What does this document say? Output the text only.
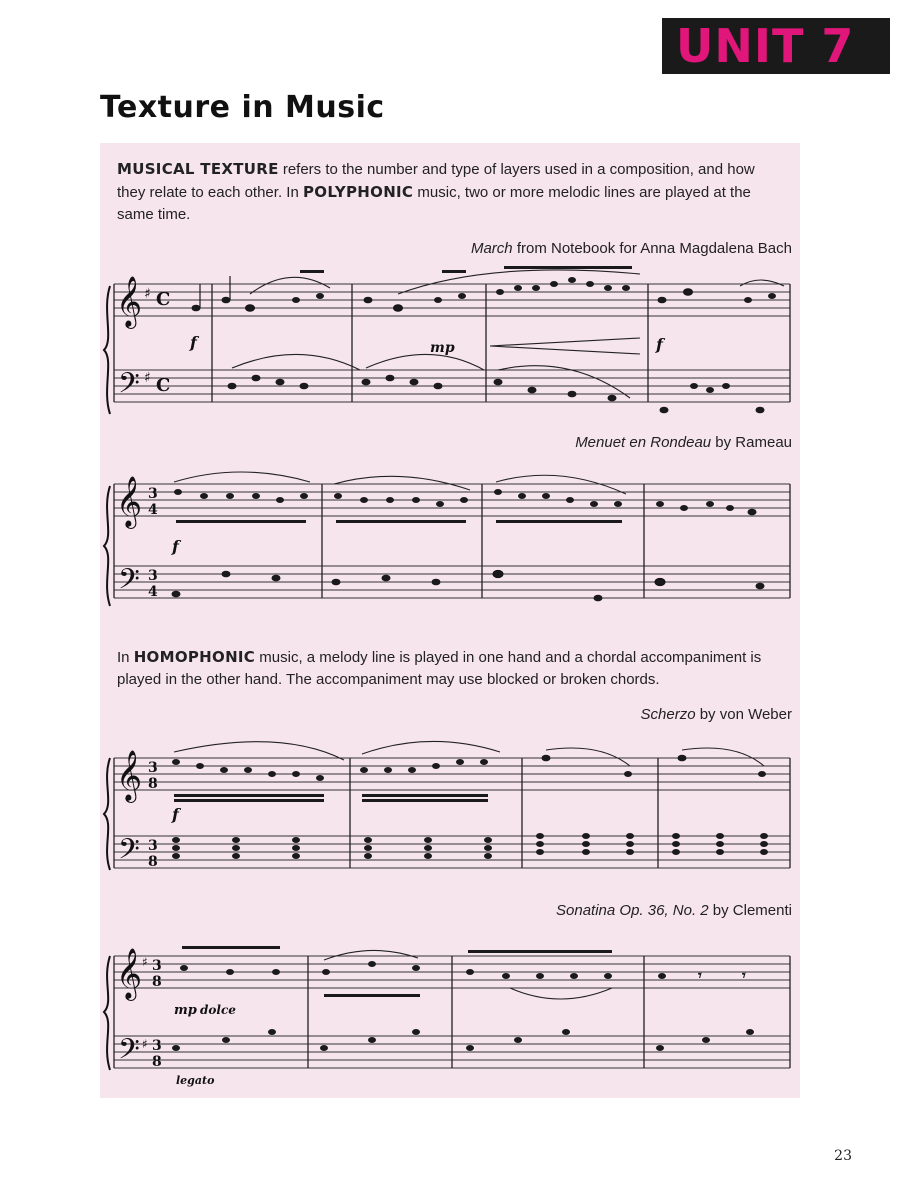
UNIT 7
Texture in Music

MUSICAL TEXTURE refers to the number and type of layers used in a composition, and how they relate to each other. In POLYPHONIC music, two or more melodic lines are played at the same time.

March from Notebook for Anna Magdalena Bach

𝄞
𝄢
♯
♯
C
C
f	mp	f

Menuet en Rondeau by Rameau

𝄞
𝄢
3
4
3
4
f

In HOMOPHONIC music, a melody line is played in one hand and a chordal accompaniment is played in the other hand. The accompaniment may use blocked or broken chords.

Scherzo by von Weber

𝄞
𝄢
3
8
3
8
f

Sonatina Op. 36, No. 2 by Clementi

𝄞
𝄢
♯
♯
3
8
3
8
𝄾	𝄾
mp dolce
legato

23
